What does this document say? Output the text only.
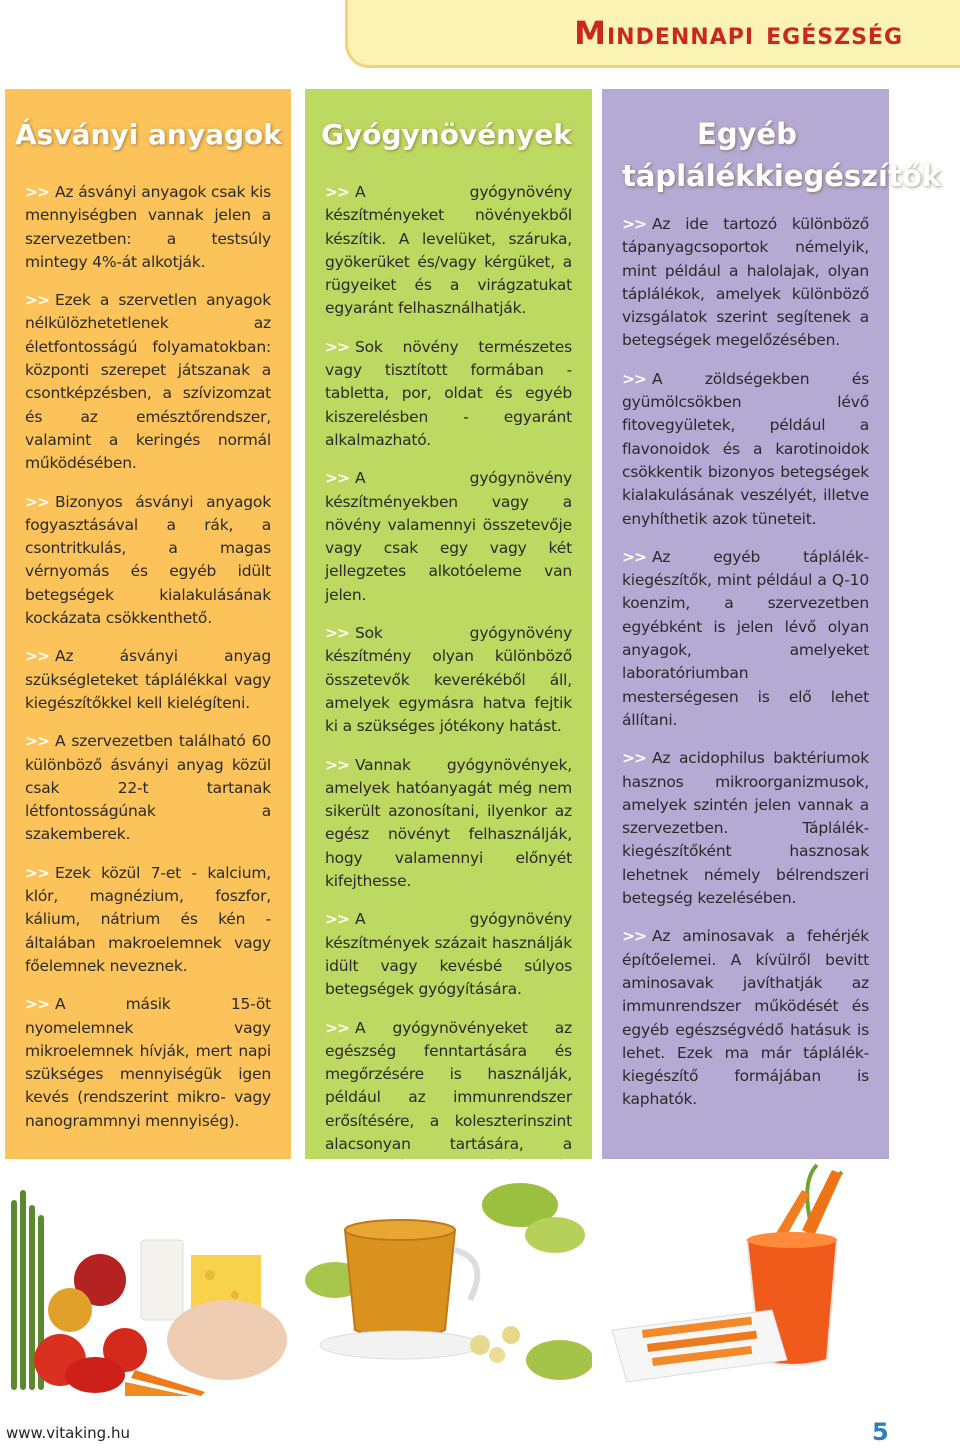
Mindennapi egészség
Ásványi anyagok

>> Az ásványi anyagok csak kis mennyiségben vannak jelen a szervezetben: a testsúly mintegy 4%-át alkotják.

>> Ezek a szervetlen anyagok nélkülözhetetlenek az életfontosságú folyamatokban: központi szerepet játszanak a csontképzésben, a szívizomzat és az emésztőrendszer, valamint a keringés normál működésében.

>> Bizonyos ásványi anyagok fogyasztásával a rák, a csontritkulás, a magas vérnyomás és egyéb idült betegségek kialakulásának kockázata csökkenthető.

>> Az ásványi anyag szükségleteket táplálékkal vagy kiegészítőkkel kell kielégíteni.

>> A szervezetben található 60 különböző ásványi anyag közül csak 22-t tartanak létfontosságúnak a szakemberek.

>> Ezek közül 7-et - kalcium, klór, magnézium, foszfor, kálium, nátrium és kén - általában makroelemnek vagy főelemnek neveznek.

>> A másik 15-öt nyomelemnek vagy mikroelemnek hívják, mert napi szükséges mennyiségük igen kevés (rendszerint mikro- vagy nanogrammnyi mennyiség).

Gyógynövények

>> A gyógynövény készítményeket növényekből készítik. A levelüket, száruka, gyökerüket és/vagy kérgüket, a rügyeiket és a virágzatukat egyaránt felhasználhatják.

>> Sok növény természetes vagy tisztított formában - tabletta, por, oldat és egyéb kiszerelésben - egyaránt alkalmazható.

>> A gyógynövény készítményekben vagy a növény valamennyi összetevője vagy csak egy vagy két jellegzetes alkotóeleme van jelen.

>> Sok gyógynövény készítmény olyan különböző összetevők keverékéből áll, amelyek egymásra hatva fejtik ki a szükséges jótékony hatást.

>> Vannak gyógynövények, amelyek hatóanyagát még nem sikerült azonosítani, ilyenkor az egész növényt felhasználják, hogy valamennyi előnyét kifejthesse.

>> A gyógynövény készítmények százait használják idült vagy kevésbé súlyos betegségek gyógyítására.

>> A gyógynövényeket az egészség fenntartására és megőrzésére is használják, például az immunrendszer erősítésére, a koleszterinszint alacsonyan tartására, a

Egyéb táplálékkiegészítők

>> Az ide tartozó különböző tápanyagcsoportok némelyik, mint például a halolajak, olyan táplálékok, amelyek különböző vizsgálatok szerint segítenek a betegségek megelőzésében.

>> A zöldségekben és gyümölcsökben lévő fitovegyületek, például a flavonoidok és a karotinoidok csökkentik bizonyos betegségek kialakulásának veszélyét, illetve enyhíthetik azok tüneteit.

>> Az egyéb táplálék-kiegészítők, mint például a Q-10 koenzim, a szervezetben egyébként is jelen lévő olyan anyagok, amelyeket laboratóriumban mesterségesen is elő lehet állítani.

>> Az acidophilus baktériumok hasznos mikroorganizmusok, amelyek szintén jelen vannak a szervezetben. Táplálék-kiegészítőként hasznosak lehetnek némely bélrendszeri betegség kezelésében.

>> Az aminosavak a fehérjék építőelemei. A kívülről bevitt aminosavak javíthatják az immunrendszer működését és egyéb egészségvédő hatásuk is lehet. Ezek ma már táplálék-kiegészítő formájában is kaphatók.

www.vitaking.hu	5
